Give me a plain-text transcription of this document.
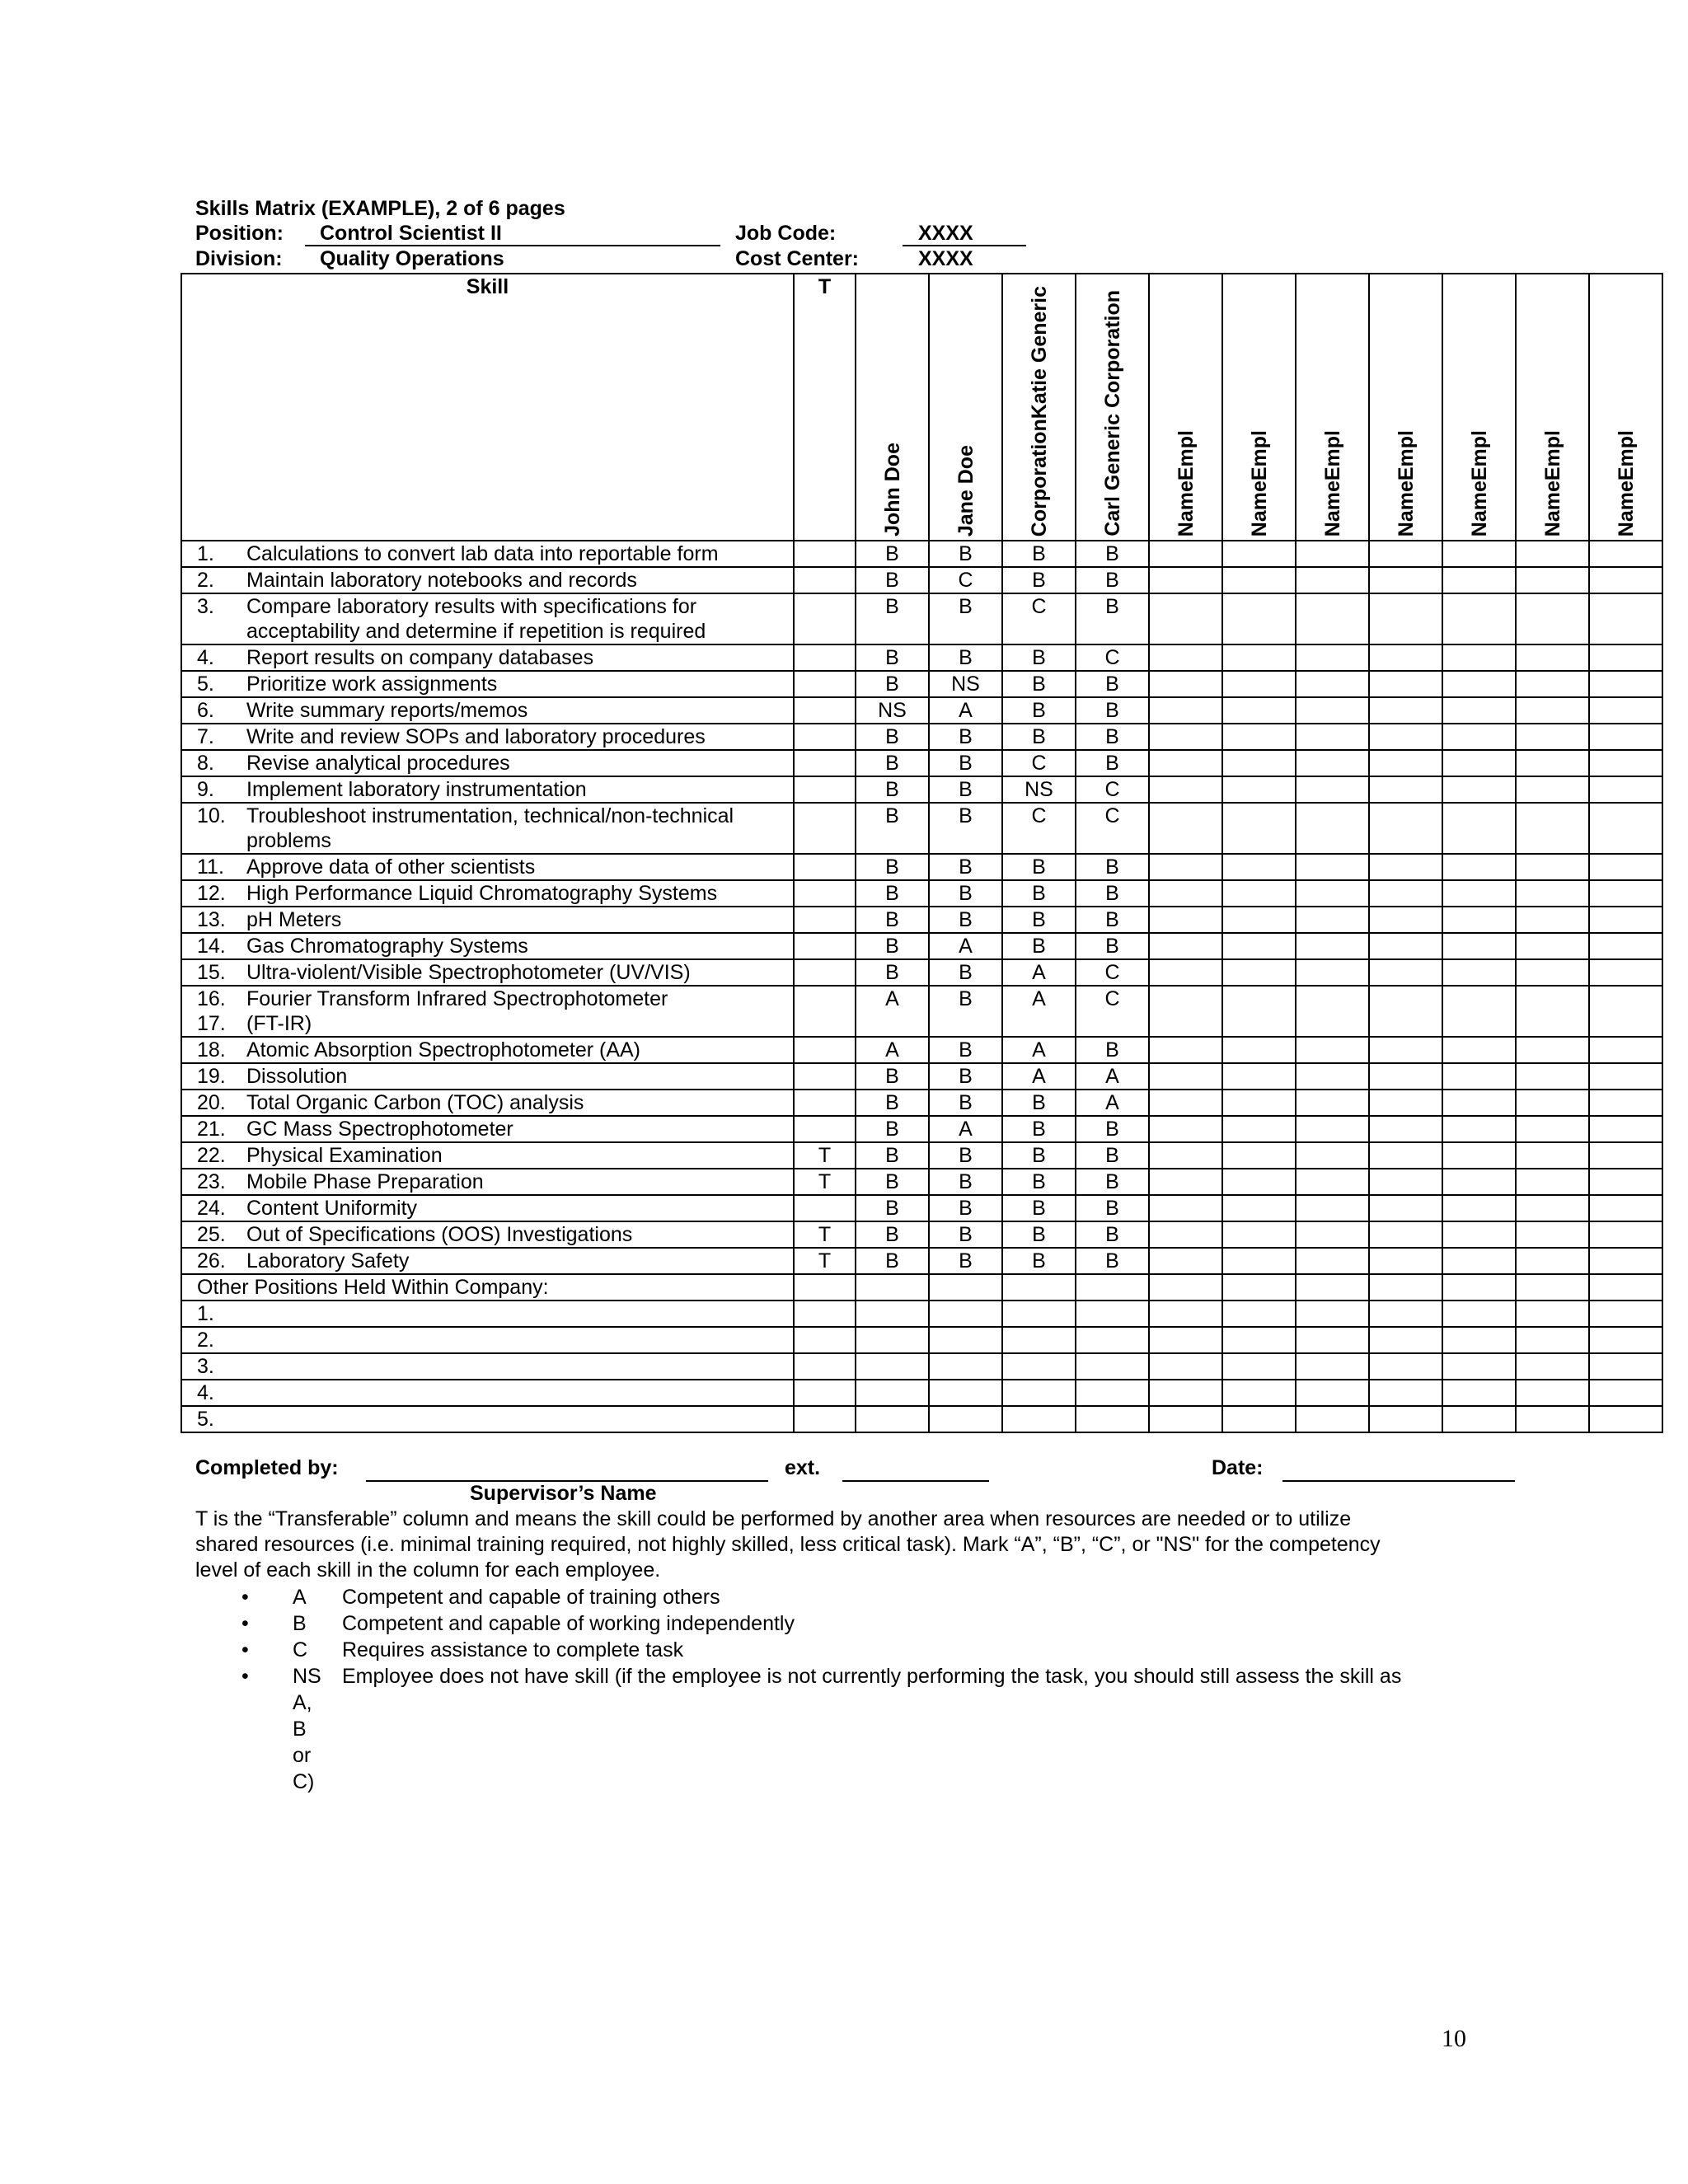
Skills Matrix (EXAMPLE), 2 of 6 pages
Position: Control Scientist II	Job Code:	XXXX
Division: Quality Operations	Cost Center:	XXXX
Skill	T	John Doe	Jane Doe	CorporationKatie Generic	Carl Generic Corporation	NameEmpl	NameEmpl	NameEmpl	NameEmpl	NameEmpl	NameEmpl	NameEmpl

1. Calculations to convert lab data into reportable form		B	B	B	B							

2. Maintain laboratory notebooks and records		B	C	B	B							

3. Compare laboratory results with specifications for acceptability and determine if repetition is required		B	B	C	B							

4. Report results on company databases		B	B	B	C							

5. Prioritize work assignments		B	NS	B	B							

6. Write summary reports/memos		NS	A	B	B							

7. Write and review SOPs and laboratory procedures		B	B	B	B							

8. Revise analytical procedures		B	B	C	B							

9. Implement laboratory instrumentation		B	B	NS	C							

10. Troubleshoot instrumentation, technical/non-technical problems		B	B	C	C							

11. Approve data of other scientists		B	B	B	B							

12. High Performance Liquid Chromatography Systems		B	B	B	B							

13. pH Meters		B	B	B	B							

14. Gas Chromatography Systems		B	A	B	B							

15. Ultra-violent/Visible Spectrophotometer (UV/VIS)		B	B	A	C							

16. Fourier Transform Infrared Spectrophotometer
17. (FT-IR)		A	B	A	C							

18. Atomic Absorption Spectrophotometer (AA)		A	B	A	B							

19. Dissolution		B	B	A	A							

20. Total Organic Carbon (TOC) analysis		B	B	B	A							

21. GC Mass Spectrophotometer		B	A	B	B							

22. Physical Examination	T	B	B	B	B							

23. Mobile Phase Preparation	T	B	B	B	B							

24. Content Uniformity		B	B	B	B							

25. Out of Specifications (OOS) Investigations	T	B	B	B	B							

26. Laboratory Safety	T	B	B	B	B							
Other Positions Held Within Company:												
1.												
2.												
3.												
4.												
5.												
Completed by:	ext.	Date:
Supervisor’s Name
T is the “Transferable” column and means the skill could be performed by another area when resources are needed or to utilize
shared resources (i.e. minimal training required, not highly skilled, less critical task). Mark “A”, “B”, “C”, or "NS" for the competency
level of each skill in the column for each employee.
• A Competent and capable of training others
• B Competent and capable of working independently
• C Requires assistance to complete task
• NS Employee does not have skill (if the employee is not currently performing the task, you should still assess the skill as
A, B or C)
10
